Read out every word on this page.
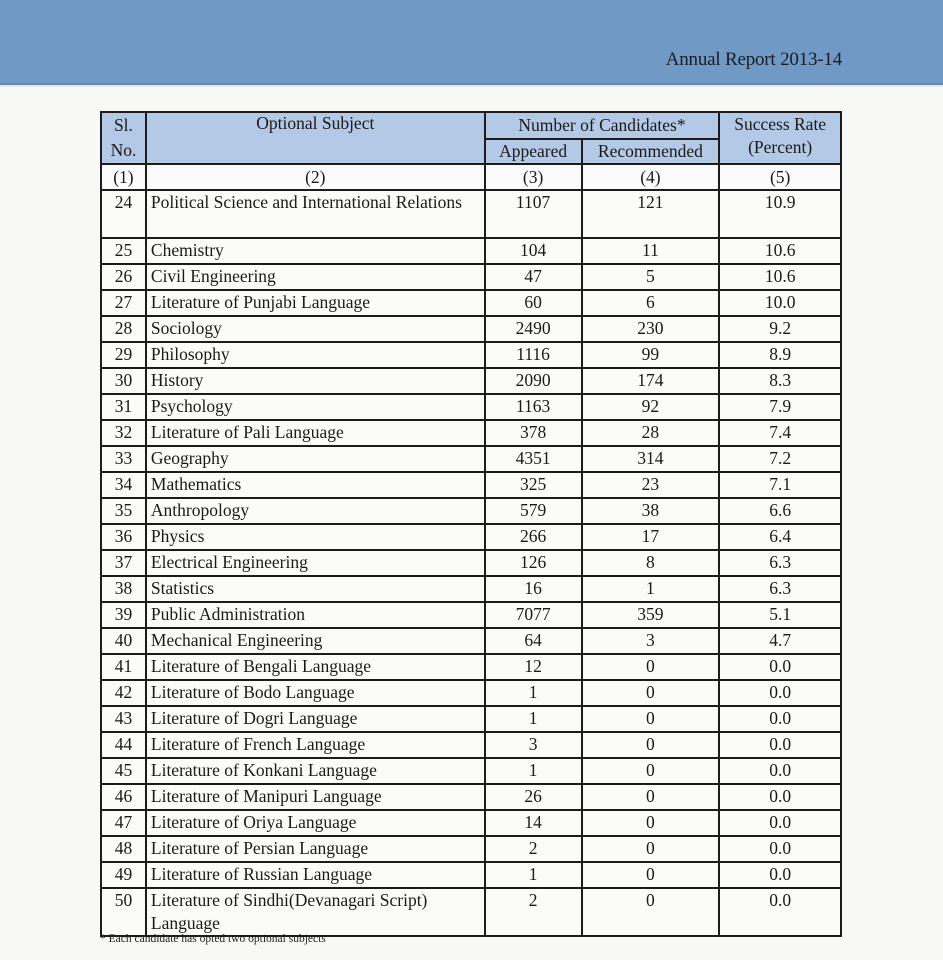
Annual Report 2013-14
Sl. No.	Optional Subject	Number of Candidates*		Success Rate (Percent)
		Appeared	Recommended	
(1)	(2)	(3)	(4)	(5)
24	Political Science and International Relations	1107	121	10.9
25	Chemistry	104	11	10.6
26	Civil Engineering	47	5	10.6
27	Literature of Punjabi Language	60	6	10.0
28	Sociology	2490	230	9.2
29	Philosophy	1116	99	8.9
30	History	2090	174	8.3
31	Psychology	1163	92	7.9
32	Literature of Pali Language	378	28	7.4
33	Geography	4351	314	7.2
34	Mathematics	325	23	7.1
35	Anthropology	579	38	6.6
36	Physics	266	17	6.4
37	Electrical Engineering	126	8	6.3
38	Statistics	16	1	6.3
39	Public Administration	7077	359	5.1
40	Mechanical Engineering	64	3	4.7
41	Literature of Bengali Language	12	0	0.0
42	Literature of Bodo Language	1	0	0.0
43	Literature of Dogri Language	1	0	0.0
44	Literature of French Language	3	0	0.0
45	Literature of Konkani Language	1	0	0.0
46	Literature of Manipuri Language	26	0	0.0
47	Literature of Oriya Language	14	0	0.0
48	Literature of Persian Language	2	0	0.0
49	Literature of Russian Language	1	0	0.0
50	Literature of Sindhi(Devanagari Script) Language	2	0	0.0
* Each candidate has opted two optional subjects
